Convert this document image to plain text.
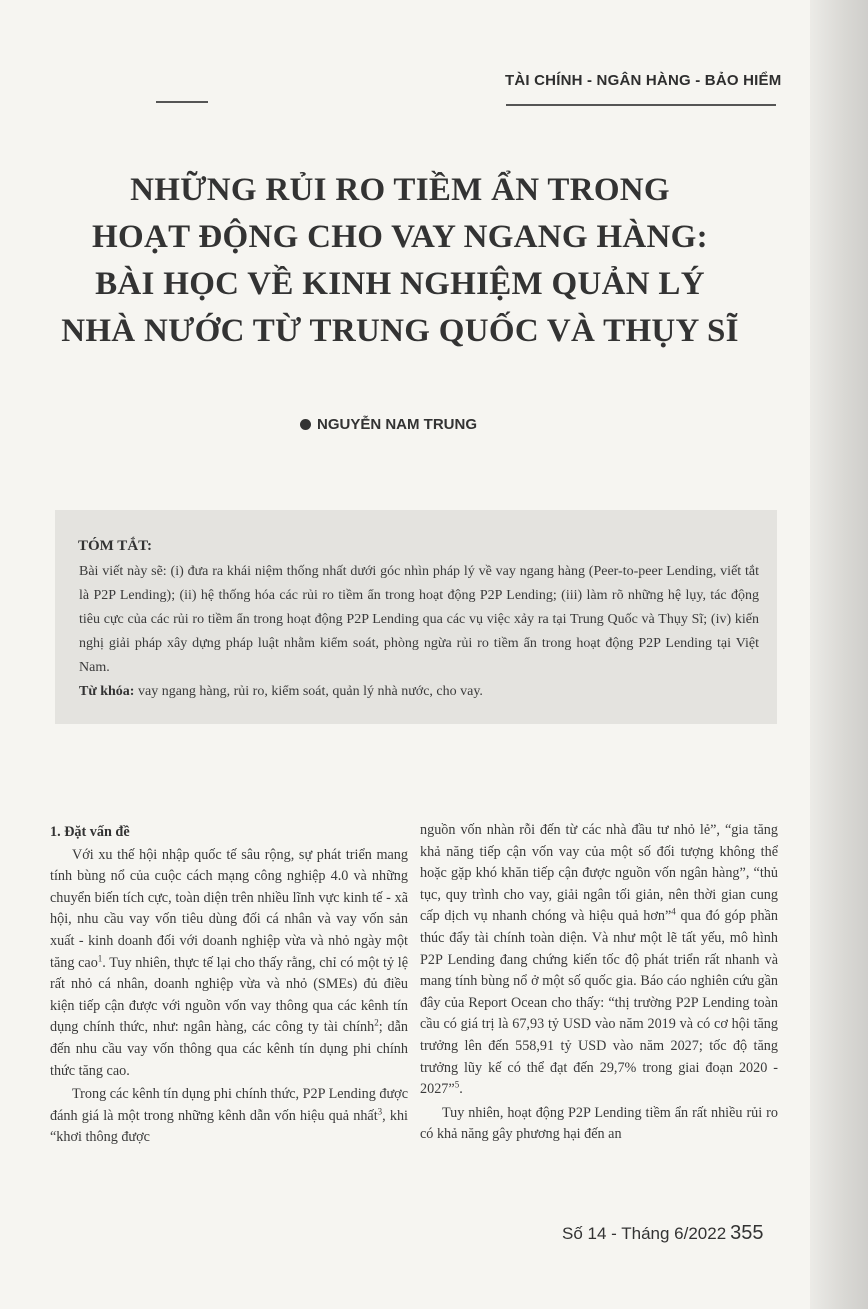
TÀI CHÍNH - NGÂN HÀNG - BẢO HIỂM
NHỮNG RỦI RO TIỀM ẨN TRONG
HOẠT ĐỘNG CHO VAY NGANG HÀNG:
BÀI HỌC VỀ KINH NGHIỆM QUẢN LÝ
NHÀ NƯỚC TỪ TRUNG QUỐC VÀ THỤY SĨ
NGUYỄN NAM TRUNG
TÓM TẮT:
Bài viết này sẽ: (i) đưa ra khái niệm thống nhất dưới góc nhìn pháp lý về vay ngang hàng (Peer-to-peer Lending, viết tắt là P2P Lending); (ii) hệ thống hóa các rủi ro tiềm ẩn trong hoạt động P2P Lending; (iii) làm rõ những hệ lụy, tác động tiêu cực của các rủi ro tiềm ẩn trong hoạt động P2P Lending qua các vụ việc xảy ra tại Trung Quốc và Thụy Sĩ; (iv) kiến nghị giải pháp xây dựng pháp luật nhằm kiểm soát, phòng ngừa rủi ro tiềm ẩn trong hoạt động P2P Lending tại Việt Nam.
Từ khóa: vay ngang hàng, rủi ro, kiểm soát, quản lý nhà nước, cho vay.
1. Đặt vấn đề

Với xu thế hội nhập quốc tế sâu rộng, sự phát triển mang tính bùng nổ của cuộc cách mạng công nghiệp 4.0 và những chuyển biến tích cực, toàn diện trên nhiều lĩnh vực kinh tế - xã hội, nhu cầu vay vốn tiêu dùng đối cá nhân và vay vốn sản xuất - kinh doanh đối với doanh nghiệp vừa và nhỏ ngày một tăng cao$^1$. Tuy nhiên, thực tế lại cho thấy rằng, chỉ có một tỷ lệ rất nhỏ cá nhân, doanh nghiệp vừa và nhỏ (SMEs) đủ điều kiện tiếp cận được với nguồn vốn vay thông qua các kênh tín dụng chính thức, như: ngân hàng, các công ty tài chính$^2$; dẫn đến nhu cầu vay vốn thông qua các kênh tín dụng phi chính thức tăng cao.

Trong các kênh tín dụng phi chính thức, P2P Lending được đánh giá là một trong những kênh dẫn vốn hiệu quả nhất$^3$, khi “khơi thông được

nguồn vốn nhàn rỗi đến từ các nhà đầu tư nhỏ lẻ”, “gia tăng khả năng tiếp cận vốn vay của một số đối tượng không thể hoặc gặp khó khăn tiếp cận được nguồn vốn ngân hàng”, “thủ tục, quy trình cho vay, giải ngân tối giản, nên thời gian cung cấp dịch vụ nhanh chóng và hiệu quả hơn”$^4$ qua đó góp phần thúc đẩy tài chính toàn diện. Và như một lẽ tất yếu, mô hình P2P Lending đang chứng kiến tốc độ phát triển rất nhanh và mang tính bùng nổ ở một số quốc gia. Báo cáo nghiên cứu gần đây của Report Ocean cho thấy: “thị trường P2P Lending toàn cầu có giá trị là 67,93 tỷ USD vào năm 2019 và có cơ hội tăng trưởng lên đến 558,91 tỷ USD vào năm 2027; tốc độ tăng trưởng lũy kế có thể đạt đến 29,7% trong giai đoạn 2020 - 2027”$^5$.

Tuy nhiên, hoạt động P2P Lending tiềm ẩn rất nhiều rủi ro có khả năng gây phương hại đến an

Số 14 - Tháng 6/2022 355
